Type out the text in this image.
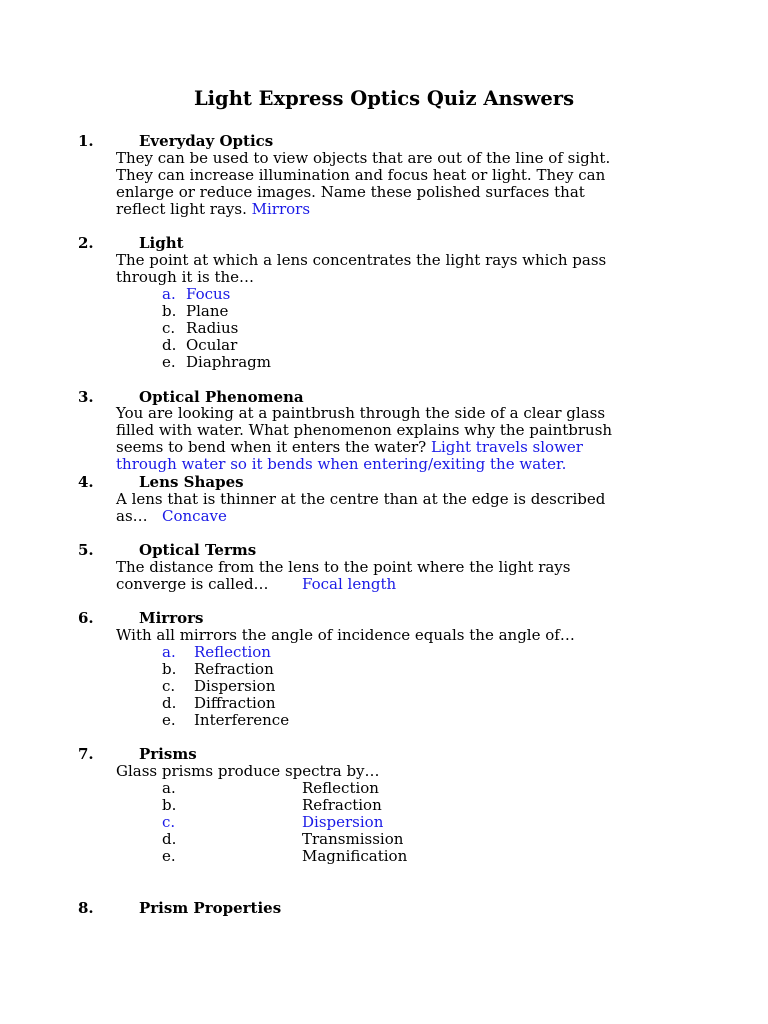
Light Express Optics Quiz Answers
1.	Everyday Optics
They can be used to view objects that are out of the line of sight.
They can increase illumination and focus heat or light. They can
enlarge or reduce images. Name these polished surfaces that
reflect light rays. Mirrors
2.	Light
The point at which a lens concentrates the light rays which pass
through it is the…
a. Focus
b. Plane
c. Radius
d. Ocular
e. Diaphragm
3.	Optical Phenomena
You are looking at a paintbrush through the side of a clear glass
filled with water. What phenomenon explains why the paintbrush
seems to bend when it enters the water? Light travels slower
through water so it bends when entering/exiting the water.
4.	Lens Shapes
A lens that is thinner at the centre than at the edge is described
as… Concave
5.	Optical Terms
The distance from the lens to the point where the light rays
converge is called… Focal length
6.	Mirrors
With all mirrors the angle of incidence equals the angle of…
a. Reflection
b. Refraction
c. Dispersion
d. Diffraction
e. Interference
7.	Prisms
Glass prisms produce spectra by…
a.	Reflection
b.	Refraction
c.	Dispersion
d.	Transmission
e.	Magnification
8.	Prism Properties
